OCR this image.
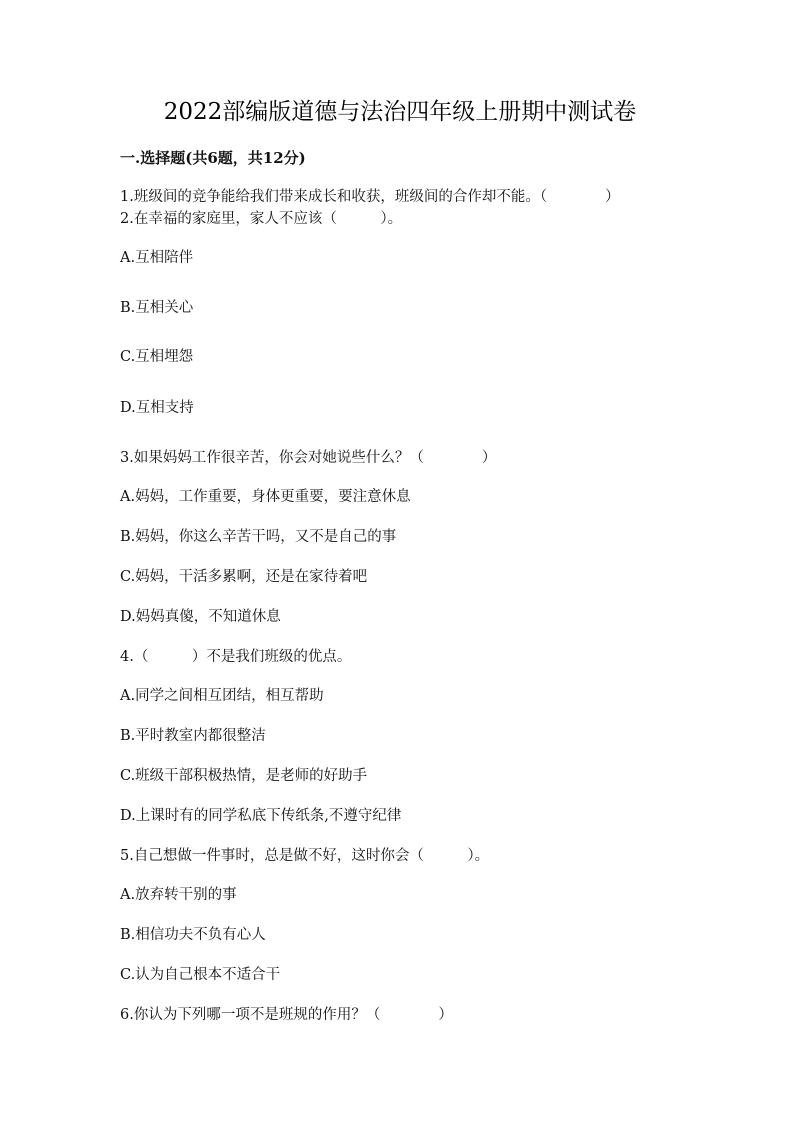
2022部编版道德与法治四年级上册期中测试卷
一.选择题(共6题，共12分)
1.班级间的竞争能给我们带来成长和收获，班级间的合作却不能。（　　　　）
2.在幸福的家庭里，家人不应该（　　　）。
A.互相陪伴
B.互相关心
C.互相埋怨
D.互相支持
3.如果妈妈工作很辛苦，你会对她说些什么？（　　　　）
A.妈妈，工作重要，身体更重要，要注意休息
B.妈妈，你这么辛苦干吗，又不是自己的事
C.妈妈，干活多累啊，还是在家待着吧
D.妈妈真傻，不知道休息
4.（　　　）不是我们班级的优点。
A.同学之间相互团结，相互帮助
B.平时教室内都很整洁
C.班级干部积极热情，是老师的好助手
D.上课时有的同学私底下传纸条,不遵守纪律
5.自己想做一件事时，总是做不好，这时你会（　　　）。
A.放弃转干别的事
B.相信功夫不负有心人
C.认为自己根本不适合干
6.你认为下列哪一项不是班规的作用？（　　　　）
